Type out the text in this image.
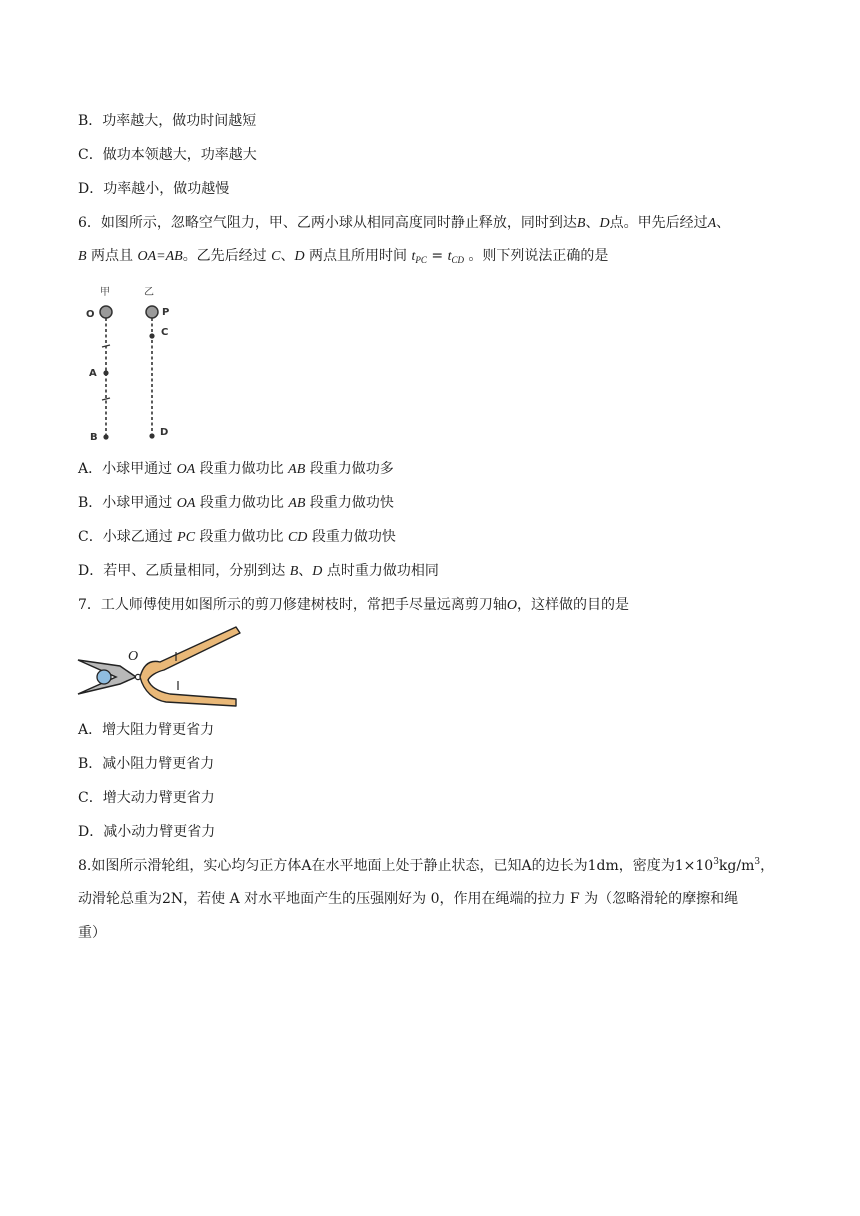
B．功率越大，做功时间越短
C．做功本领越大，功率越大
D．功率越小，做功越慢
6．如图所示，忽略空气阻力，甲、乙两小球从相同高度同时静止释放，同时到达B、D点。甲先后经过A、
B 两点且 OA=AB。乙先后经过 C、D 两点且所用时间 $t_{PC} = t_{CD}$ 。则下列说法正确的是
甲	乙
O	P
A
C
B	D
A．小球甲通过 OA 段重力做功比 AB 段重力做功多
B．小球甲通过 OA 段重力做功比 AB 段重力做功快
C．小球乙通过 PC 段重力做功比 CD 段重力做功快
D．若甲、乙质量相同，分别到达 B、D 点时重力做功相同
7．工人师傅使用如图所示的剪刀修建树枝时，常把手尽量远离剪刀轴O，这样做的目的是
O
A．增大阻力臂更省力
B．减小阻力臂更省力
C．增大动力臂更省力
D．减小动力臂更省力
8.如图所示滑轮组，实心均匀正方体A在水平地面上处于静止状态，已知A的边长为1dm，密度为$1\times 10^3kg/m^3$，
动滑轮总重为2N，若使 A 对水平地面产生的压强刚好为 0，作用在绳端的拉力 F 为（忽略滑轮的摩擦和绳
重）
